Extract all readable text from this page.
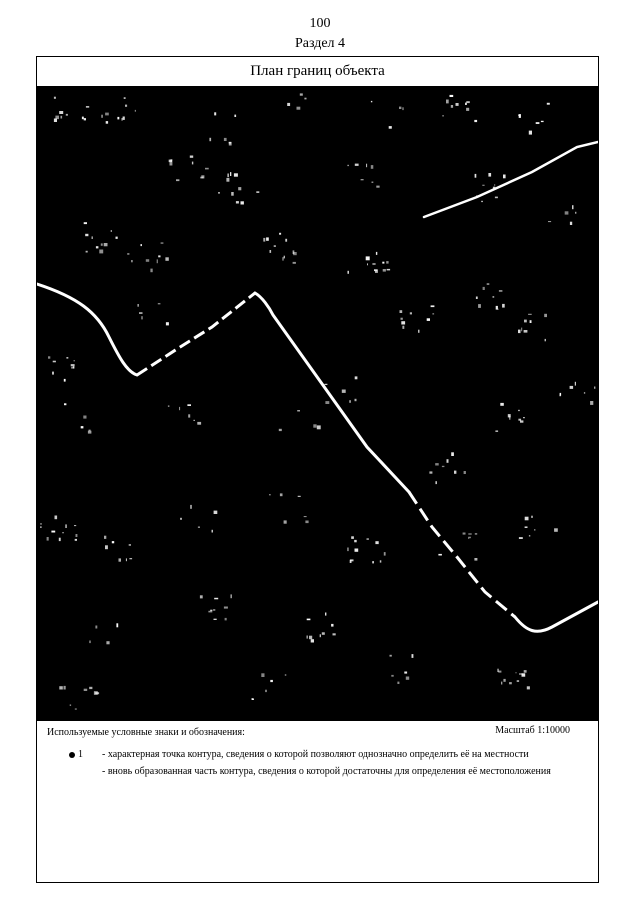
100
Раздел 4
План границ объекта
Используемые условные знаки и обозначения:	Масштаб 1:10000
1 - характерная точка контура, сведения о которой позволяют однозначно определить её на местности
- вновь образованная часть контура, сведения о которой достаточны для определения её местоположения
